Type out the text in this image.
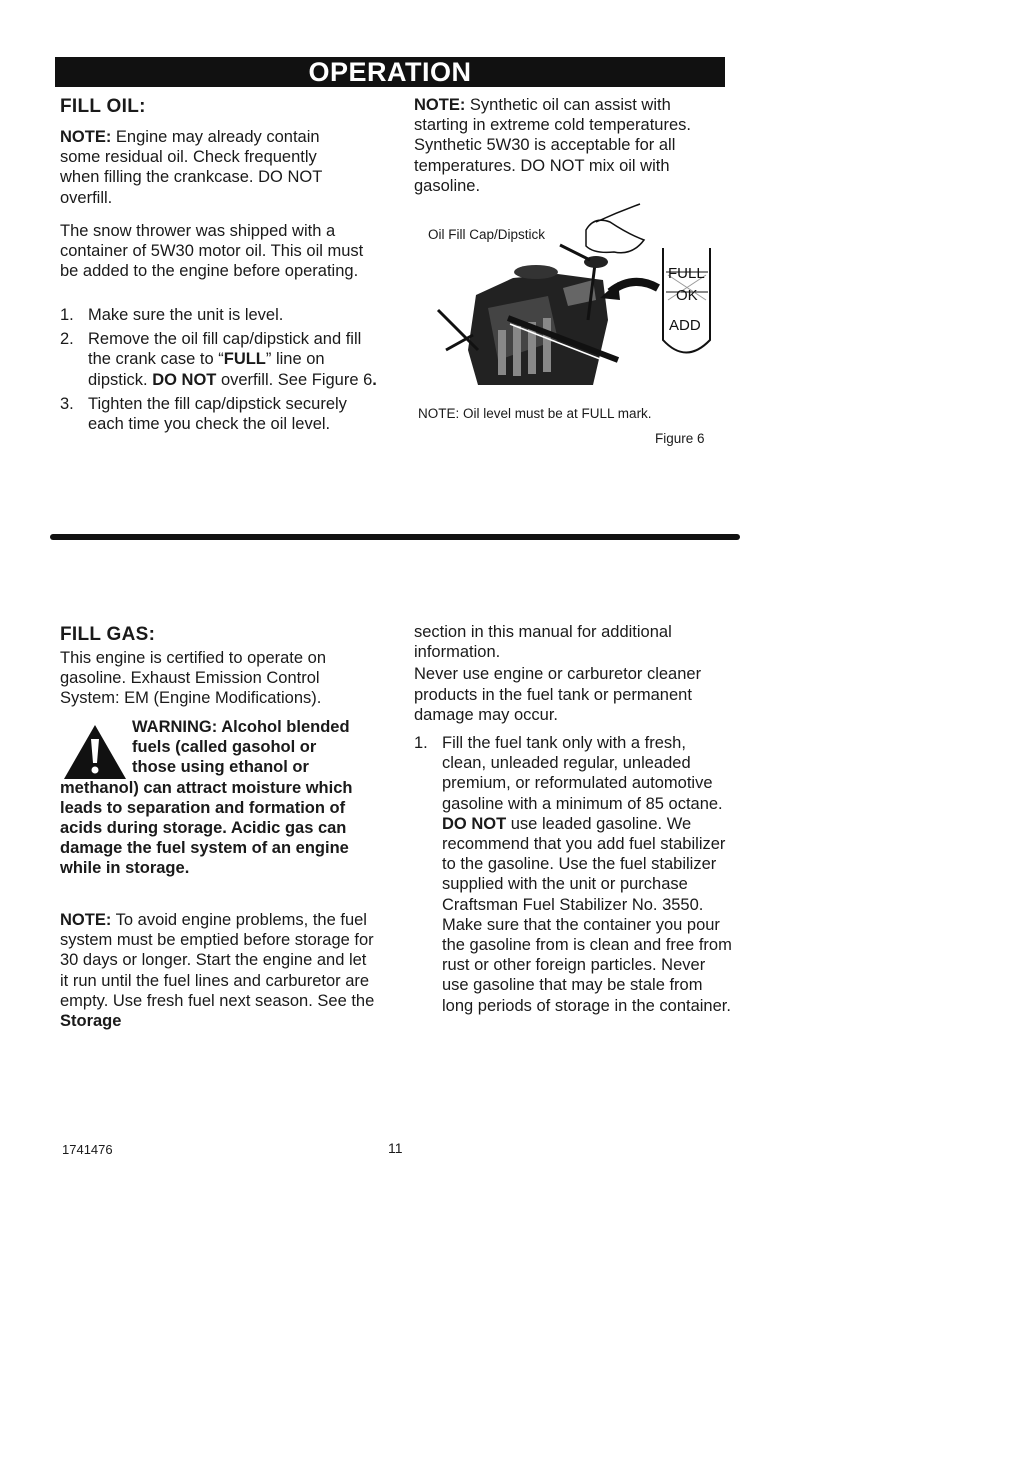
OPERATION
FILL OIL:

NOTE: Engine may already contain some residual oil. Check frequently when filling the crankcase. DO NOT overfill.

The snow thrower was shipped with a container of 5W30 motor oil. This oil must be added to the engine before operating.

1. Make sure the unit is level.
2. Remove the oil fill cap/dipstick and fill the crank case to “FULL” line on dipstick. DO NOT overfill. See Figure 6.
3. Tighten the fill cap/dipstick securely each time you check the oil level.

NOTE: Synthetic oil can assist with starting in extreme cold temperatures. Synthetic 5W30 is acceptable for all temperatures. DO NOT mix oil with gasoline.

FULL
OK
ADD
Oil Fill Cap/Dipstick
NOTE: Oil level must be at FULL mark.
Figure 6
FILL GAS:

This engine is certified to operate on gasoline. Exhaust Emission Control System: EM (Engine Modifications).

WARNING: Alcohol blended
fuels (called gasohol or
those using ethanol or
methanol) can attract moisture which leads to separation and formation of acids during storage. Acidic gas can damage the fuel system of an engine while in storage.

NOTE: To avoid engine problems, the fuel system must be emptied before storage for 30 days or longer. Start the engine and let it run until the fuel lines and carburetor are empty. Use fresh fuel next season. See the Storage

section in this manual for additional information.

Never use engine or carburetor cleaner products in the fuel tank or permanent damage may occur.

1. Fill the fuel tank only with a fresh, clean, unleaded regular, unleaded premium, or reformulated automotive gasoline with a minimum of 85 octane. DO NOT use leaded gasoline. We recommend that you add fuel stabilizer to the gasoline. Use the fuel stabilizer supplied with the unit or purchase Craftsman Fuel Stabilizer No. 3550. Make sure that the container you pour the gasoline from is clean and free from rust or other foreign particles. Never use gasoline that may be stale from long periods of storage in the container.
1741476	11
